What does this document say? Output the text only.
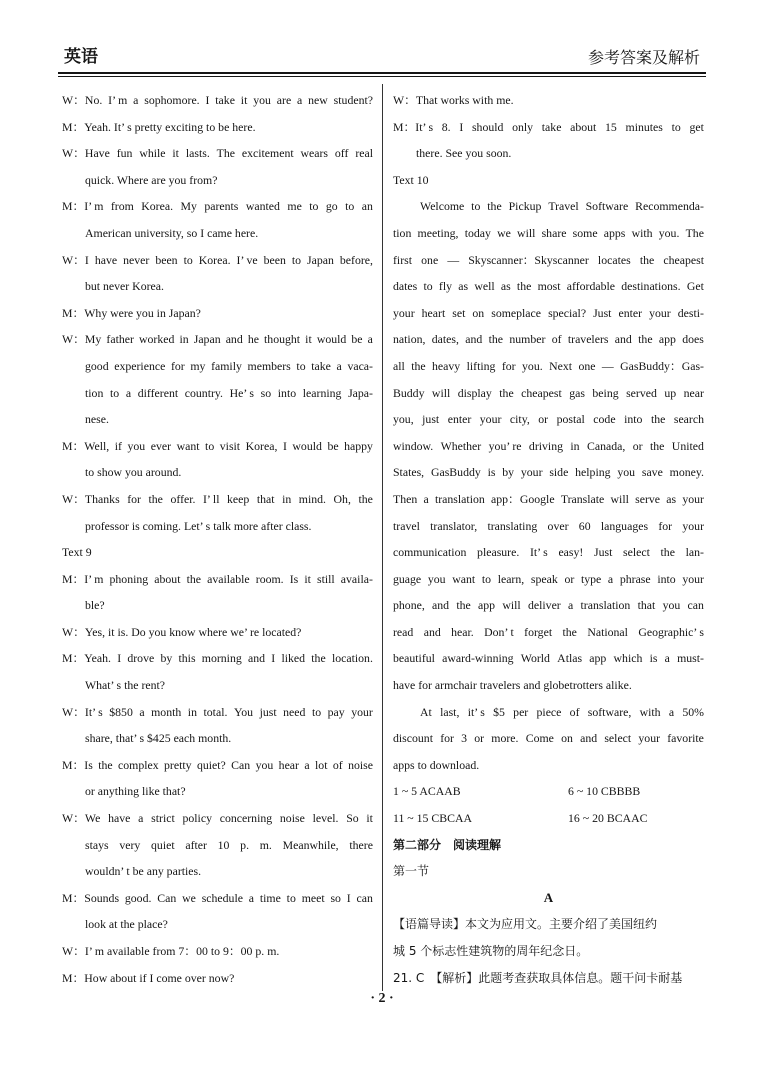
英语	参考答案及解析
W：No. I’ m a sophomore. I take it you are a new student?
M：Yeah. It’ s pretty exciting to be here.
W：Have fun while it lasts. The excitement wears off real
quick. Where are you from?
M：I’ m from Korea. My parents wanted me to go to an
American university, so I came here.
W：I have never been to Korea. I’ ve been to Japan before,
but never Korea.
M：Why were you in Japan?
W：My father worked in Japan and he thought it would be a
good experience for my family members to take a vaca-
tion to a different country. He’ s so into learning Japa-
nese.
M：Well, if you ever want to visit Korea, I would be happy
to show you around.
W：Thanks for the offer. I’ ll keep that in mind. Oh, the
professor is coming. Let’ s talk more after class.
Text 9
M：I’ m phoning about the available room. Is it still availa-
ble?
W：Yes, it is. Do you know where we’ re located?
M：Yeah. I drove by this morning and I liked the location.
What’ s the rent?
W：It’ s $850 a month in total. You just need to pay your
share, that’ s $425 each month.
M：Is the complex pretty quiet? Can you hear a lot of noise
or anything like that?
W：We have a strict policy concerning noise level. So it
stays very quiet after 10 p. m. Meanwhile, there
wouldn’ t be any parties.
M：Sounds good. Can we schedule a time to meet so I can
look at the place?
W：I’ m available from 7：00 to 9：00 p. m.
M：How about if I come over now?
W：That works with me.
M：It’ s 8. I should only take about 15 minutes to get
there. See you soon.
Text 10
Welcome to the Pickup Travel Software Recommenda-
tion meeting, today we will share some apps with you. The
first one — Skyscanner：Skyscanner locates the cheapest
dates to fly as well as the most affordable destinations. Get
your heart set on someplace special? Just enter your desti-
nation, dates, and the number of travelers and the app does
all the heavy lifting for you. Next one — GasBuddy：Gas-
Buddy will display the cheapest gas being served up near
you, just enter your city, or postal code into the search
window. Whether you’ re driving in Canada, or the United
States, GasBuddy is by your side helping you save money.
Then a translation app：Google Translate will serve as your
travel translator, translating over 60 languages for your
communication pleasure. It’ s easy! Just select the lan-
guage you want to learn, speak or type a phrase into your
phone, and the app will deliver a translation that you can
read and hear. Don’ t forget the National Geographic’ s
beautiful award-winning World Atlas app which is a must-
have for armchair travelers and globetrotters alike.
At last, it’ s $5 per piece of software, with a 50%
discount for 3 or more. Come on and select your favorite
apps to download.
1 ~ 5 ACAAB	6 ~ 10 CBBBB
11 ~ 15 CBCAA	16 ~ 20 BCAAC
第二部分　阅读理解
第一节
A
【语篇导读】本文为应用文。主要介绍了美国纽约
城 5 个标志性建筑物的周年纪念日。
21. C　【解析】此题考查获取具体信息。题干问卡耐基
· 2 ·
